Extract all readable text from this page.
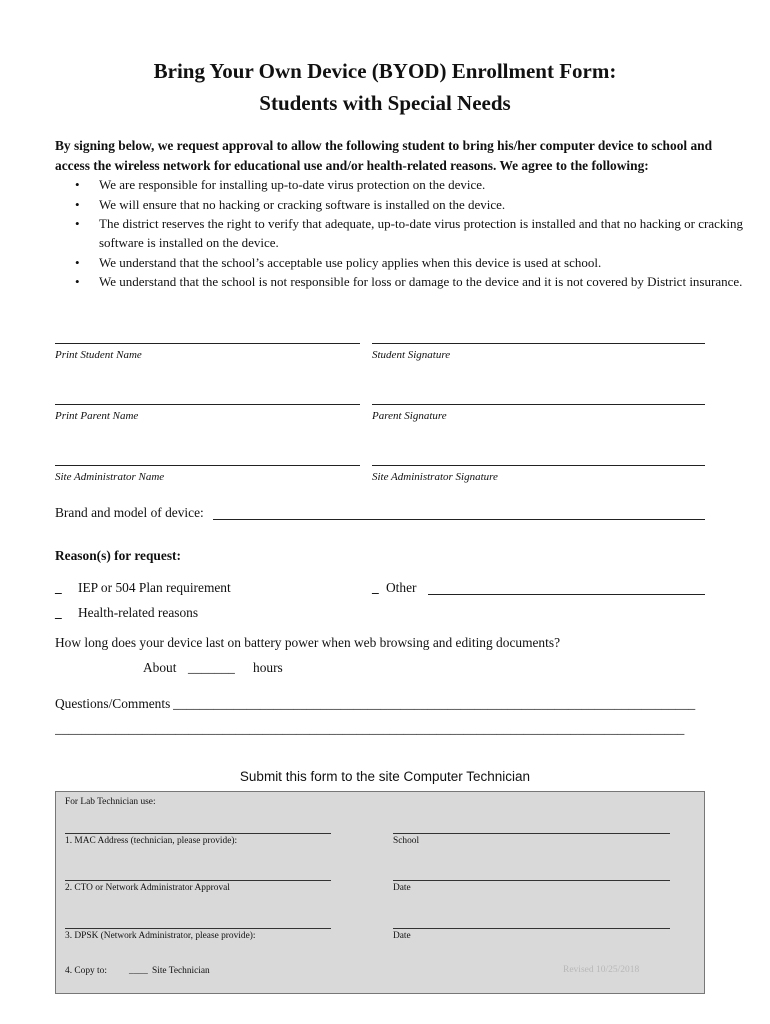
Bring Your Own Device (BYOD) Enrollment Form:
Students with Special Needs
By signing below, we request approval to allow the following student to bring his/her computer device to school and access the wireless network for educational use and/or health-related reasons. We agree to the following:
• We are responsible for installing up-to-date virus protection on the device.
• We will ensure that no hacking or cracking software is installed on the device.
• The district reserves the right to verify that adequate, up-to-date virus protection is installed and that no hacking or cracking software is installed on the device.
• We understand that the school’s acceptable use policy applies when this device is used at school.
• We understand that the school is not responsible for loss or damage to the device and it is not covered by District insurance.
Print Student Name	Student Signature
Print Parent Name	Parent Signature
Site Administrator Name	Site Administrator Signature
Brand and model of device:
Reason(s) for request:
_ IEP or 504 Plan requirement	_ Other
_ Health-related reasons
How long does your device last on battery power when web browsing and editing documents?
About _______ hours
Questions/Comments ______________________________________________________________________________
______________________________________________________________________________________________
Submit this form to the site Computer Technician
For Lab Technician use:
1. MAC Address (technician, please provide):	School
2. CTO or Network Administrator Approval	Date
3. DPSK (Network Administrator, please provide):	Date
4. Copy to: ____ Site Technician	Revised 10/25/2018
